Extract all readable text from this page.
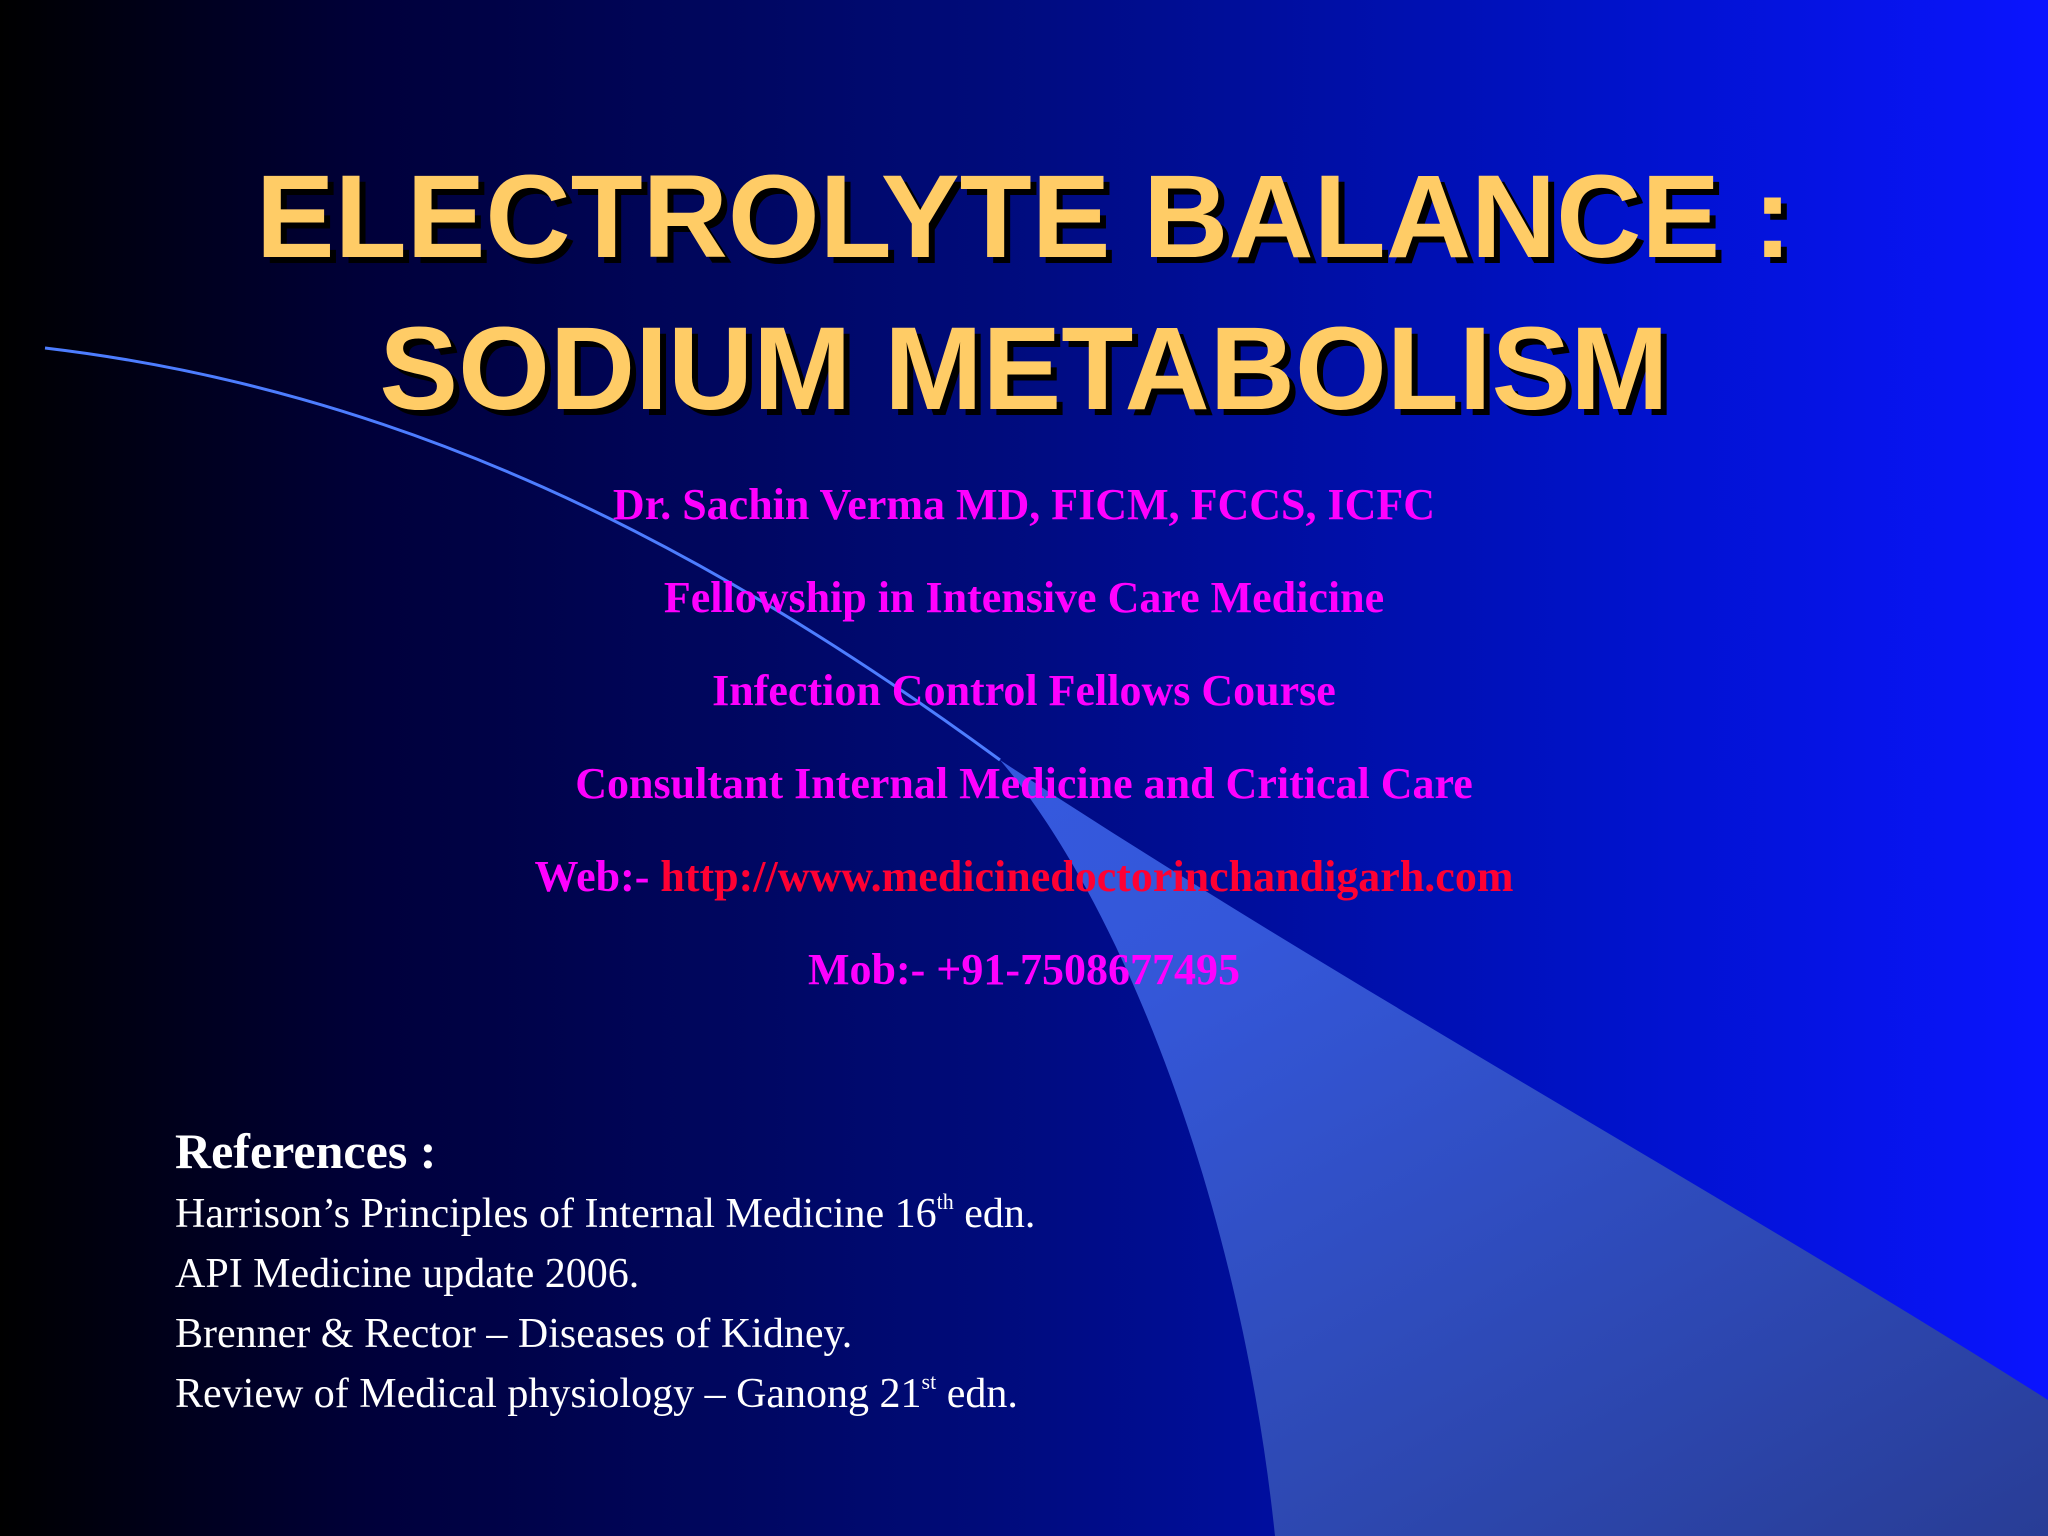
ELECTROLYTE BALANCE :
SODIUM METABOLISM
Dr. Sachin Verma MD, FICM, FCCS, ICFC
Fellowship in Intensive Care Medicine
Infection Control Fellows Course
Consultant Internal Medicine and Critical Care
Web:- http://www.medicinedoctorinchandigarh.com
Mob:- +91-7508677495
References :
Harrison’s Principles of Internal Medicine 16th edn.
API Medicine update 2006.
Brenner & Rector – Diseases of Kidney.
Review of Medical physiology – Ganong 21st edn.
